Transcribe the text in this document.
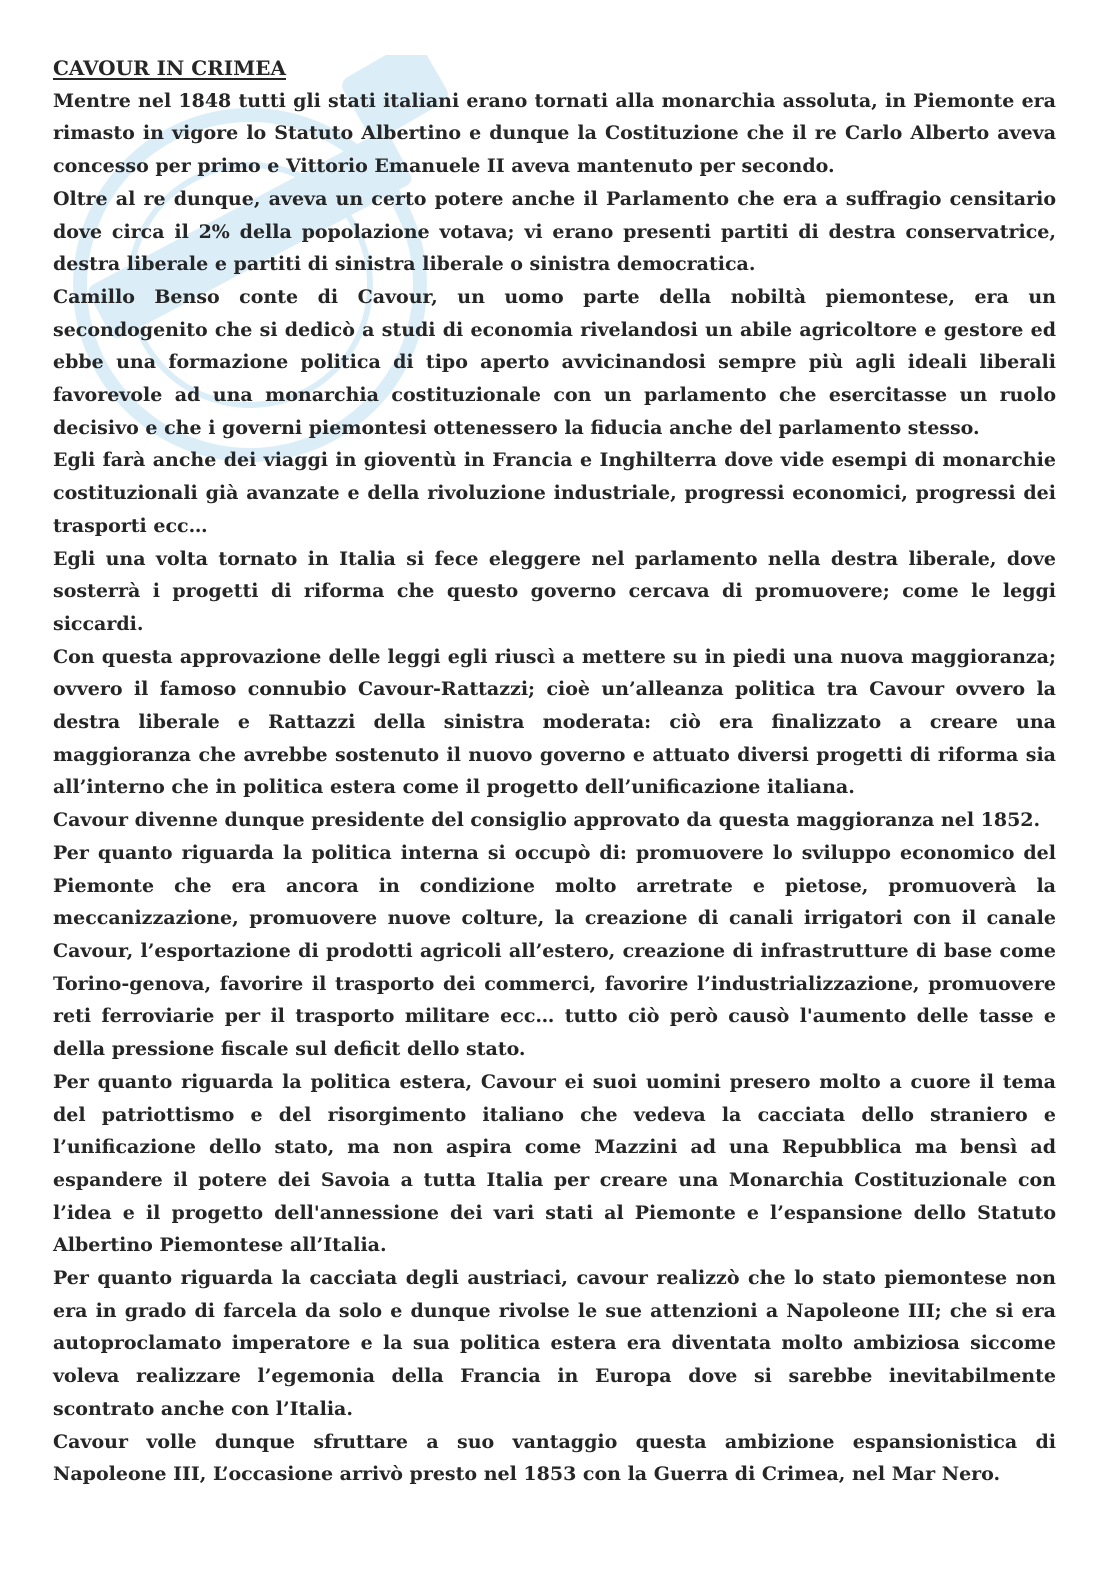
CAVOUR IN CRIMEA

Mentre nel 1848 tutti gli stati italiani erano tornati alla monarchia assoluta, in Piemonte era rimasto in vigore lo Statuto Albertino e dunque la Costituzione che il re Carlo Alberto aveva concesso per primo e Vittorio Emanuele II aveva mantenuto per secondo.

Oltre al re dunque, aveva un certo potere anche il Parlamento che era a suffragio censitario dove circa il 2% della popolazione votava; vi erano presenti partiti di destra conservatrice, destra liberale e partiti di sinistra liberale o sinistra democratica.

Camillo Benso conte di Cavour, un uomo parte della nobiltà piemontese, era un secondogenito che si dedicò a studi di economia rivelandosi un abile agricoltore e gestore ed ebbe una formazione politica di tipo aperto avvicinandosi sempre più agli ideali liberali favorevole ad una monarchia costituzionale con un parlamento che esercitasse un ruolo decisivo e che i governi piemontesi ottenessero la fiducia anche del parlamento stesso.

Egli farà anche dei viaggi in gioventù in Francia e Inghilterra dove vide esempi di monarchie costituzionali già avanzate e della rivoluzione industriale, progressi economici, progressi dei trasporti ecc…

Egli una volta tornato in Italia si fece eleggere nel parlamento nella destra liberale, dove sosterrà i progetti di riforma che questo governo cercava di promuovere; come le leggi siccardi.

Con questa approvazione delle leggi egli riuscì a mettere su in piedi una nuova maggioranza; ovvero il famoso connubio Cavour-Rattazzi; cioè un’alleanza politica tra Cavour ovvero la destra liberale e Rattazzi della sinistra moderata: ciò era finalizzato a creare una maggioranza che avrebbe sostenuto il nuovo governo e attuato diversi progetti di riforma sia all’interno che in politica estera come il progetto dell’unificazione italiana.

Cavour divenne dunque presidente del consiglio approvato da questa maggioranza nel 1852.

Per quanto riguarda la politica interna si occupò di: promuovere lo sviluppo economico del Piemonte che era ancora in condizione molto arretrate e pietose, promuoverà la meccanizzazione, promuovere nuove colture, la creazione di canali irrigatori con il canale Cavour, l’esportazione di prodotti agricoli all’estero, creazione di infrastrutture di base come Torino-genova, favorire il trasporto dei commerci, favorire l’industrializzazione, promuovere reti ferroviarie per il trasporto militare ecc… tutto ciò però causò l'aumento delle tasse e della pressione fiscale sul deficit dello stato.

Per quanto riguarda la politica estera, Cavour ei suoi uomini presero molto a cuore il tema del patriottismo e del risorgimento italiano che vedeva la cacciata dello straniero e l’unificazione dello stato, ma non aspira come Mazzini ad una Repubblica ma bensì ad espandere il potere dei Savoia a tutta Italia per creare una Monarchia Costituzionale con l’idea e il progetto dell'annessione dei vari stati al Piemonte e l’espansione dello Statuto Albertino Piemontese all’Italia.

Per quanto riguarda la cacciata degli austriaci, cavour realizzò che lo stato piemontese non era in grado di farcela da solo e dunque rivolse le sue attenzioni a Napoleone III; che si era autoproclamato imperatore e la sua politica estera era diventata molto ambiziosa siccome voleva realizzare l’egemonia della Francia in Europa dove si sarebbe inevitabilmente scontrato anche con l’Italia.

Cavour volle dunque sfruttare a suo vantaggio questa ambizione espansionistica di Napoleone III, L’occasione arrivò presto nel 1853 con la Guerra di Crimea, nel Mar Nero.
